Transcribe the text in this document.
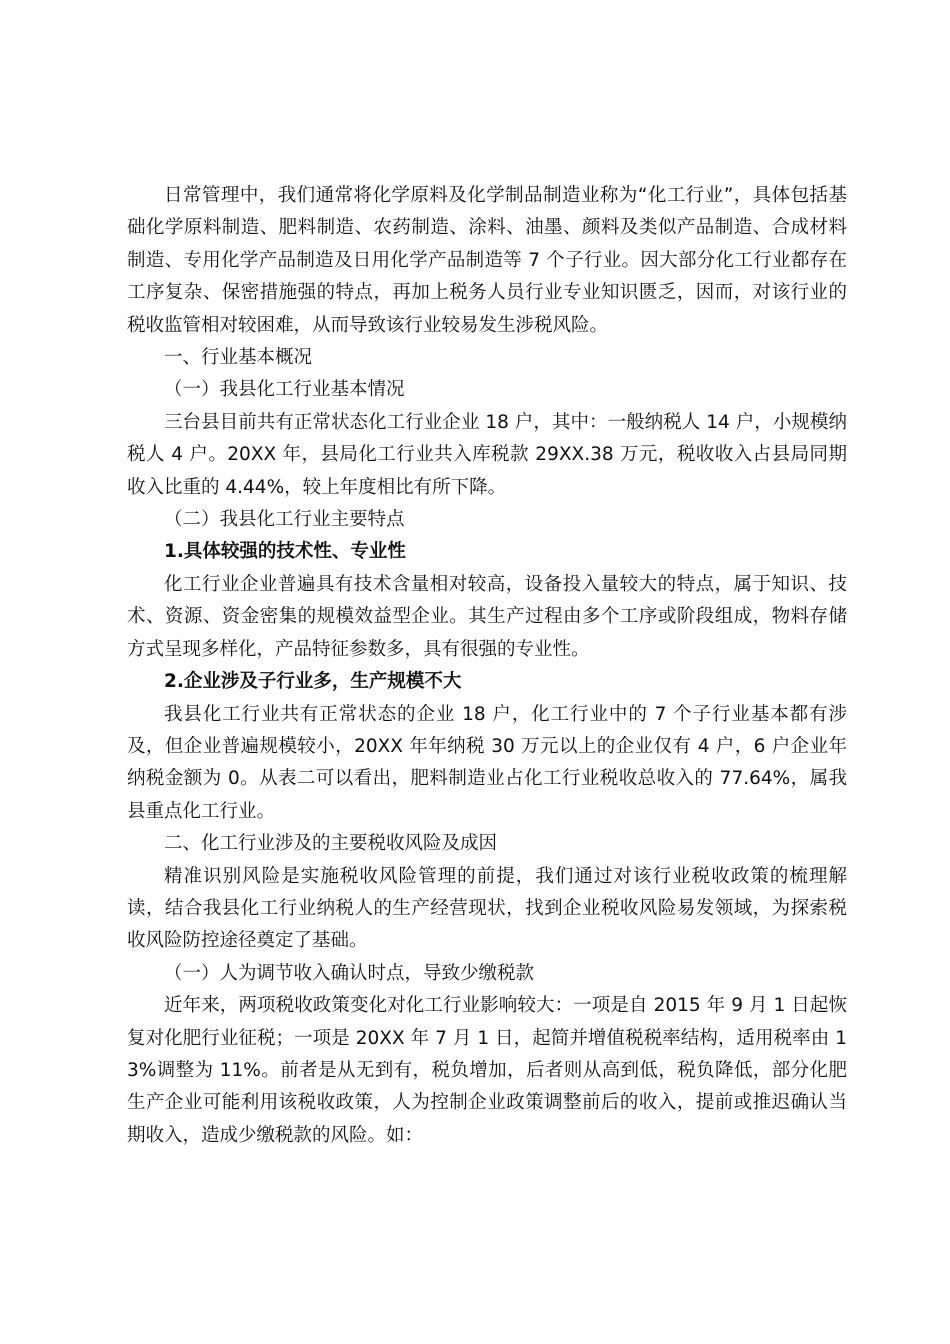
日常管理中，我们通常将化学原料及化学制品制造业称为“化工行业”，具体包括基础化学原料制造、肥料制造、农药制造、涂料、油墨、颜料及类似产品制造、合成材料制造、专用化学产品制造及日用化学产品制造等 7 个子行业。因大部分化工行业都存在工序复杂、保密措施强的特点，再加上税务人员行业专业知识匮乏，因而，对该行业的税收监管相对较困难，从而导致该行业较易发生涉税风险。

一、行业基本概况

（一）我县化工行业基本情况

三台县目前共有正常状态化工行业企业 18 户，其中：一般纳税人 14 户，小规模纳税人 4 户。20XX 年，县局化工行业共入库税款 29XX.38 万元，税收收入占县局同期收入比重的 4.44%，较上年度相比有所下降。

（二）我县化工行业主要特点

1.具体较强的技术性、专业性

化工行业企业普遍具有技术含量相对较高，设备投入量较大的特点，属于知识、技术、资源、资金密集的规模效益型企业。其生产过程由多个工序或阶段组成，物料存储方式呈现多样化，产品特征参数多，具有很强的专业性。

2.企业涉及子行业多，生产规模不大

我县化工行业共有正常状态的企业 18 户，化工行业中的 7 个子行业基本都有涉及，但企业普遍规模较小，20XX 年年纳税 30 万元以上的企业仅有 4 户，6 户企业年纳税金额为 0。从表二可以看出，肥料制造业占化工行业税收总收入的 77.64%，属我县重点化工行业。

二、化工行业涉及的主要税收风险及成因

精准识别风险是实施税收风险管理的前提，我们通过对该行业税收政策的梳理解读，结合我县化工行业纳税人的生产经营现状，找到企业税收风险易发领域，为探索税收风险防控途径奠定了基础。

（一）人为调节收入确认时点，导致少缴税款

近年来，两项税收政策变化对化工行业影响较大：一项是自 2015 年 9 月 1 日起恢复对化肥行业征税；一项是 20XX 年 7 月 1 日，起简并增值税税率结构，适用税率由 13%调整为 11%。前者是从无到有，税负增加，后者则从高到低，税负降低，部分化肥生产企业可能利用该税收政策，人为控制企业政策调整前后的收入，提前或推迟确认当期收入，造成少缴税款的风险。如：
